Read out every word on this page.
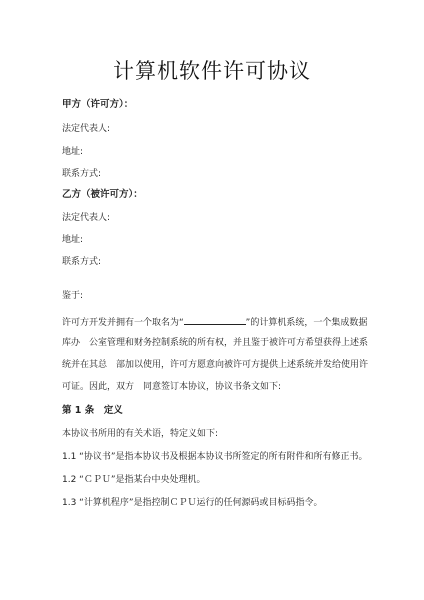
计算机软件许可协议
甲方（许可方）：
法定代表人:
地址:
联系方式:
乙方（被许可方）：
法定代表人:
地址:
联系方式:
鉴于:
许可方开发并拥有一个取名为“	”的计算机系统，一个集成数据
库办　公室管理和财务控制系统的所有权，并且鉴于被许可方希望获得上述系
统并在其总　部加以使用，许可方愿意向被许可方提供上述系统并发给使用许
可证。因此，双方　同意签订本协议，协议书条文如下:
第 1 条　定义
本协议书所用的有关术语，特定义如下:
1.1 “协议书”是指本协议书及根据本协议书所签定的所有附件和所有修正书。
1.2 “ＣＰＵ”是指某台中央处理机。
1.3 “计算机程序”是指控制ＣＰＵ运行的任何源码或目标码指令。
